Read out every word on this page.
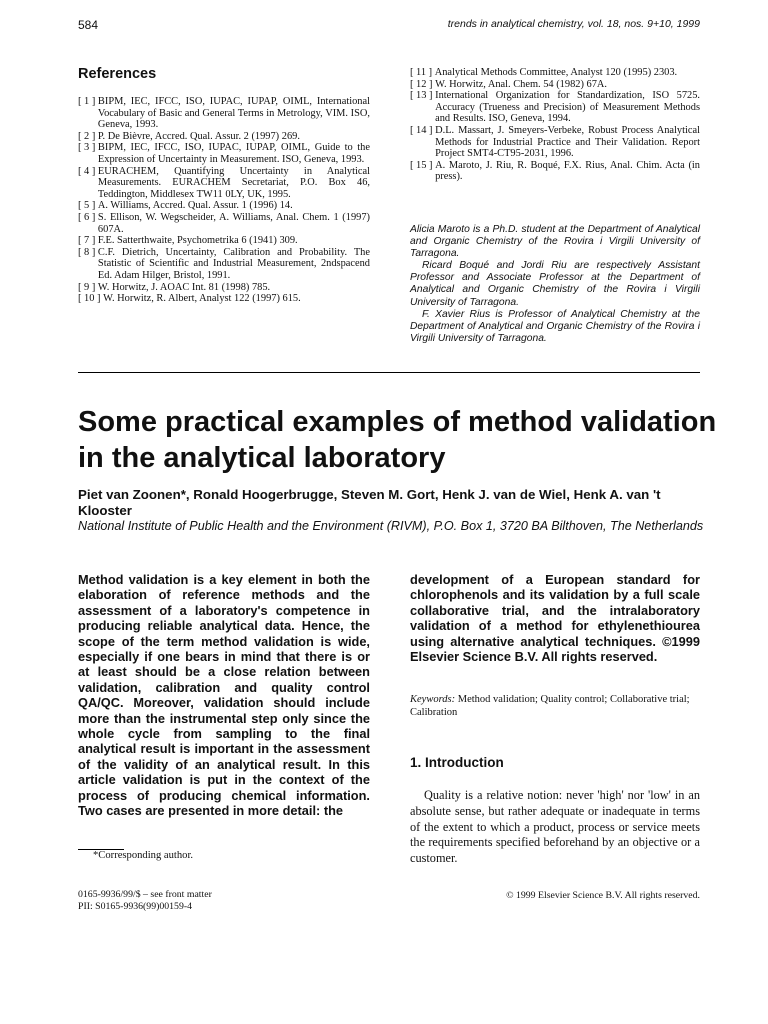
584	trends in analytical chemistry, vol. 18, nos. 9+10, 1999
References
[ 1 ] BIPM, IEC, IFCC, ISO, IUPAC, IUPAP, OIML, International Vocabulary of Basic and General Terms in Metrology, VIM. ISO, Geneva, 1993.
[ 2 ] P. De Bièvre, Accred. Qual. Assur. 2 (1997) 269.
[ 3 ] BIPM, IEC, IFCC, ISO, IUPAC, IUPAP, OIML, Guide to the Expression of Uncertainty in Measurement. ISO, Geneva, 1993.
[ 4 ] EURACHEM, Quantifying Uncertainty in Analytical Measurements. EURACHEM Secretariat, P.O. Box 46, Teddington, Middlesex TW11 0LY, UK, 1995.
[ 5 ] A. Williams, Accred. Qual. Assur. 1 (1996) 14.
[ 6 ] S. Ellison, W. Wegscheider, A. Williams, Anal. Chem. 1 (1997) 607A.
[ 7 ] F.E. Satterthwaite, Psychometrika 6 (1941) 309.
[ 8 ] C.F. Dietrich, Uncertainty, Calibration and Probability. The Statistic of Scientific and Industrial Measurement, 2ndspacend Ed. Adam Hilger, Bristol, 1991.
[ 9 ] W. Horwitz, J. AOAC Int. 81 (1998) 785.
[ 10 ] W. Horwitz, R. Albert, Analyst 122 (1997) 615.
[ 11 ] Analytical Methods Committee, Analyst 120 (1995) 2303.
[ 12 ] W. Horwitz, Anal. Chem. 54 (1982) 67A.
[ 13 ] International Organization for Standardization, ISO 5725. Accuracy (Trueness and Precision) of Measurement Methods and Results. ISO, Geneva, 1994.
[ 14 ] D.L. Massart, J. Smeyers-Verbeke, Robust Process Analytical Methods for Industrial Practice and Their Validation. Report Project SMT4-CT95-2031, 1996.
[ 15 ] A. Maroto, J. Riu, R. Boqué, F.X. Rius, Anal. Chim. Acta (in press).

Alicia Maroto is a Ph.D. student at the Department of Analytical and Organic Chemistry of the Rovira i Virgili University of Tarragona.

Ricard Boqué and Jordi Riu are respectively Assistant Professor and Associate Professor at the Department of Analytical and Organic Chemistry of the Rovira i Virgili University of Tarragona.

F. Xavier Rius is Professor of Analytical Chemistry at the Department of Analytical and Organic Chemistry of the Rovira i Virgili University of Tarragona.

Some practical examples of method validation in the analytical laboratory
Piet van Zoonen*, Ronald Hoogerbrugge, Steven M. Gort, Henk J. van de Wiel, Henk A. van 't Klooster
National Institute of Public Health and the Environment (RIVM), P.O. Box 1, 3720 BA Bilthoven, The Netherlands
Method validation is a key element in both the elaboration of reference methods and the assessment of a laboratory's competence in producing reliable analytical data. Hence, the scope of the term method validation is wide, especially if one bears in mind that there is or at least should be a close relation between validation, calibration and quality control QA/QC. Moreover, validation should include more than the instrumental step only since the whole cycle from sampling to the final analytical result is important in the assessment of the validity of an analytical result. In this article validation is put in the context of the process of producing chemical information. Two cases are presented in more detail: the
development of a European standard for chlorophenols and its validation by a full scale collaborative trial, and the intralaboratory validation of a method for ethylenethiourea using alternative analytical techniques. ©1999 Elsevier Science B.V. All rights reserved.
Keywords: Method validation; Quality control; Collaborative trial; Calibration
1. Introduction
Quality is a relative notion: never 'high' nor 'low' in an absolute sense, but rather adequate or inadequate in terms of the extent to which a product, process or service meets the requirements specified beforehand by an objective or a customer.
*Corresponding author.
0165-9936/99/$ – see front matter
PII: S0165-9936(99)00159-4
© 1999 Elsevier Science B.V. All rights reserved.
